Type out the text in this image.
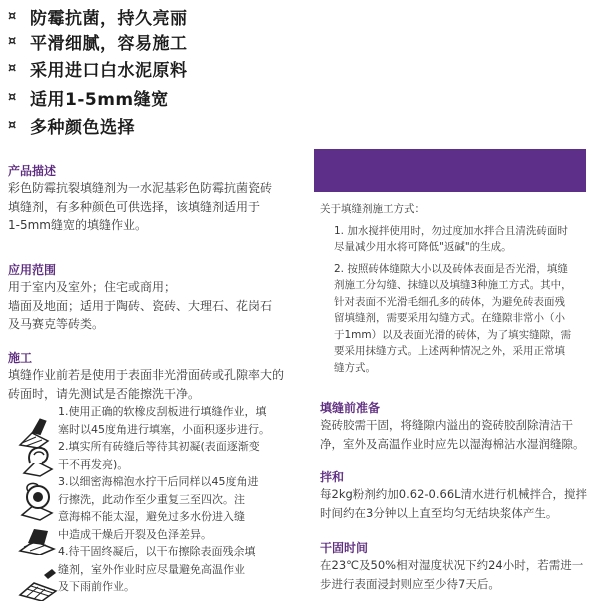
¤ 防霉抗菌，持久亮丽
¤ 平滑细腻，容易施工
¤ 采用进口白水泥原料
¤ 适用1-5mm缝宽
¤ 多种颜色选择
产品描述

彩色防霉抗裂填缝剂为一水泥基彩色防霉抗菌瓷砖

填缝剂，有多种颜色可供选择，该填缝剂适用于

1-5mm缝宽的填缝作业。

应用范围

用于室内及室外；住宅或商用；

墙面及地面；适用于陶砖、瓷砖、大理石、花岗石

及马赛克等砖类。

施工

填缝作业前若是使用于表面非光滑面砖或孔隙率大的

砖面时，请先测试是否能擦洗干净。

1.使用正确的软橡皮刮板进行填缝作业，填

塞时以45度角进行填塞，小面积逐步进行。

2.填实所有砖缝后等待其初凝(表面逐渐变

干不再发亮)。

3.以细密海棉泡水拧干后同样以45度角进

行擦洗，此动作至少重复三至四次。注

意海棉不能太湿，避免过多水份进入缝

中造成干燥后开裂及色泽差异。

4.待干固终凝后，以干布擦除表面残余填

缝剂，室外作业时应尽量避免高温作业

及下雨前作业。

关于填缝剂施工方式：

1. 加水搅拌使用时，勿过度加水拌合且清洗砖面时

尽量减少用水将可降低"返碱"的生成。

2. 按照砖体缝隙大小以及砖体表面是否光滑，填缝

剂施工分勾缝、抹缝以及填缝3种施工方式。其中，

针对表面不光滑毛细孔多的砖体，为避免砖表面残

留填缝剂，需要采用勾缝方式。在缝隙非常小（小

于1mm）以及表面光滑的砖体，为了填实缝隙，需

要采用抹缝方式。上述两种情况之外，采用正常填

缝方式。

填缝前准备

瓷砖胶需干固，将缝隙内溢出的瓷砖胶刮除清洁干

净，室外及高温作业时应先以湿海棉沾水湿润缝隙。

拌和

每2kg粉剂约加0.62-0.66L清水进行机械拌合，搅拌

时间约在3分钟以上直至均匀无结块浆体产生。

干固时间

在23℃及50%相对湿度状况下约24小时，若需进一

步进行表面浸封则应至少待7天后。
